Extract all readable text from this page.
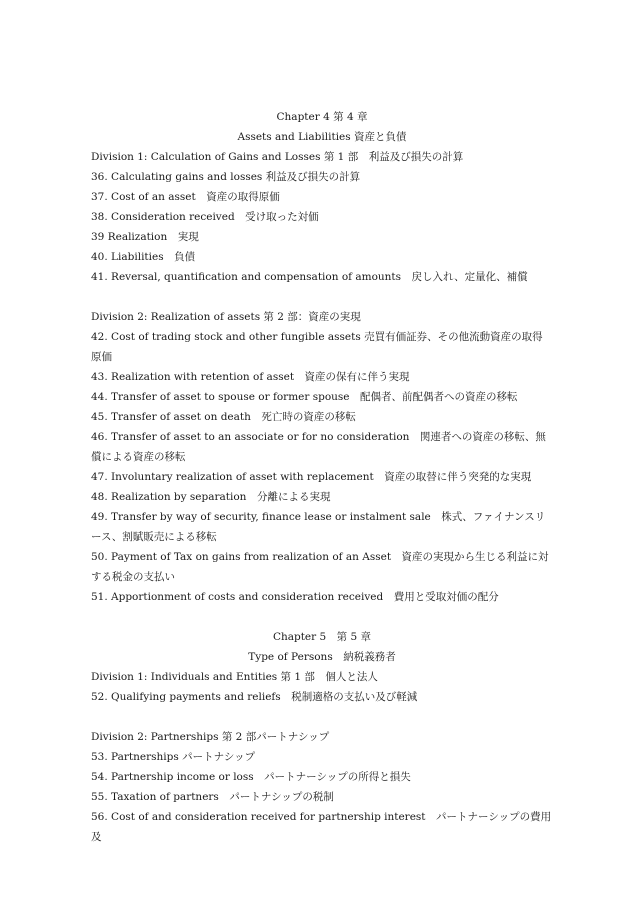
Chapter 4 第 4 章
Assets and Liabilities 資産と負債
Division 1: Calculation of Gains and Losses 第 1 部　利益及び損失の計算
36. Calculating gains and losses 利益及び損失の計算
37. Cost of an asset　資産の取得原価
38. Consideration received　受け取った対価
39 Realization　実現
40. Liabilities　負債
41. Reversal, quantification and compensation of amounts　戻し入れ、定量化、補償
Division 2: Realization of assets 第 2 部：資産の実現
42. Cost of trading stock and other fungible assets 売買有価証券、その他流動資産の取得原価
43. Realization with retention of asset　資産の保有に伴う実現
44. Transfer of asset to spouse or former spouse　配偶者、前配偶者への資産の移転
45. Transfer of asset on death　死亡時の資産の移転
46. Transfer of asset to an associate or for no consideration　関連者への資産の移転、無償による資産の移転
47. Involuntary realization of asset with replacement　資産の取替に伴う突発的な実現
48. Realization by separation　分離による実現
49. Transfer by way of security, finance lease or instalment sale　株式、ファイナンスリース、割賦販売による移転
50. Payment of Tax on gains from realization of an Asset　資産の実現から生じる利益に対する税金の支払い
51. Apportionment of costs and consideration received　費用と受取対価の配分
Chapter 5　第 5 章
Type of Persons　納税義務者
Division 1: Individuals and Entities 第 1 部　個人と法人
52. Qualifying payments and reliefs　税制適格の支払い及び軽減
Division 2: Partnerships 第 2 部パートナシップ
53. Partnerships パートナシップ
54. Partnership income or loss　パートナーシップの所得と損失
55. Taxation of partners　パートナシップの税制
56. Cost of and consideration received for partnership interest　パートナーシップの費用及
